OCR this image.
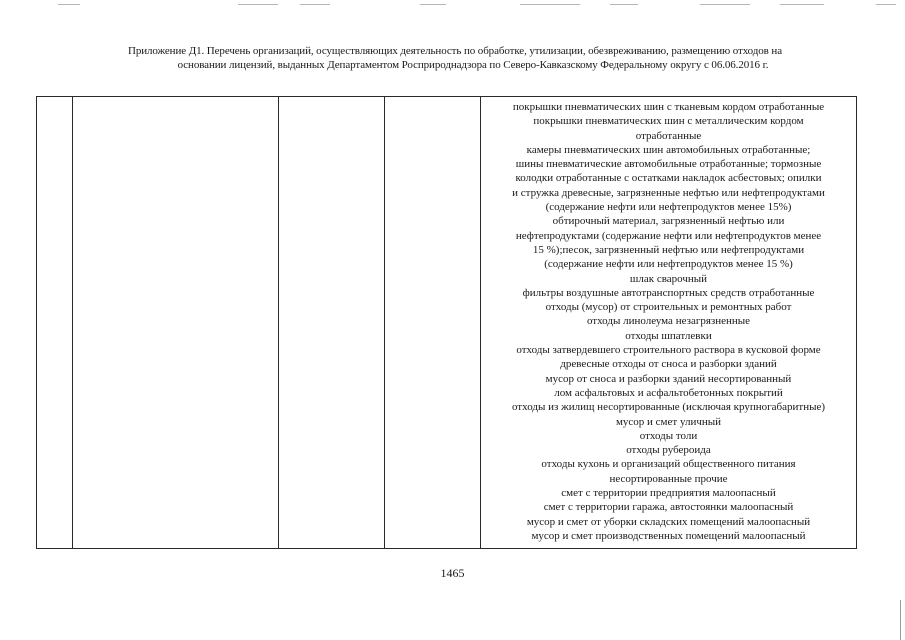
Приложение Д1. Перечень организаций, осуществляющих деятельность по обработке, утилизации, обезвреживанию, размещению отходов на
основании лицензий, выданных Департаментом Росприроднадзора по Северо-Кавказскому Федеральному округу с 06.06.2016 г.
покрышки пневматических шин с тканевым кордом отработанные
покрышки пневматических шин с металлическим кордом
отработанные
камеры пневматических шин автомобильных отработанные;
шины пневматические автомобильные отработанные; тормозные
колодки отработанные с остатками накладок асбестовых; опилки
и стружка древесные, загрязненные нефтью или нефтепродуктами
(содержание нефти или нефтепродуктов менее 15%)
обтирочный материал, загрязненный нефтью или
нефтепродуктами (содержание нефти или нефтепродуктов менее
15 %);песок, загрязненный нефтью или нефтепродуктами
(содержание нефти или нефтепродуктов менее 15 %)
шлак сварочный
фильтры воздушные автотранспортных средств отработанные
отходы (мусор) от строительных и ремонтных работ
отходы линолеума незагрязненные
отходы шпатлевки
отходы затвердевшего строительного раствора в кусковой форме
древесные отходы от сноса и разборки зданий
мусор от сноса и разборки зданий несортированный
лом асфальтовых и асфальтобетонных покрытий
отходы из жилищ несортированные (исключая крупногабаритные)
мусор и смет уличный
отходы толи
отходы рубероида
отходы кухонь и организаций общественного питания
несортированные прочие
смет с территории предприятия малоопасный
смет с территории гаража, автостоянки малоопасный
мусор и смет от уборки складских помещений малоопасный
мусор и смет производственных помещений малоопасный
1465
